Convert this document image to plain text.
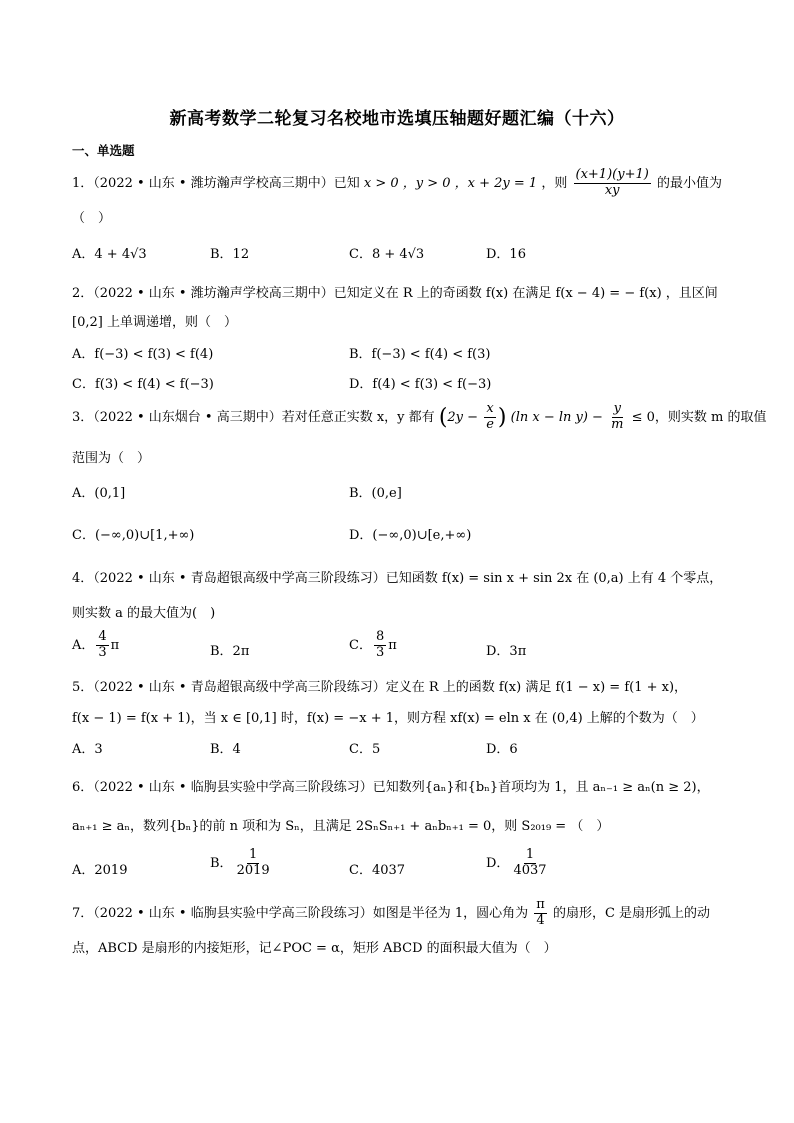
新高考数学二轮复习名校地市选填压轴题好题汇编（十六）
一、单选题
1．（2022 • 山东 • 潍坊瀚声学校高三期中）已知 x > 0 ，y > 0 ，x + 2y = 1 ，则 $\frac{(x+1)(y+1)}{xy}$ 的最小值为
（　）
A．4 + 4√3	B．12	C．8 + 4√3	D．16
2．（2022 • 山东 • 潍坊瀚声学校高三期中）已知定义在 R 上的奇函数 f(x) 在满足 f(x − 4) = − f(x) ，且区间
[0,2] 上单调递增，则（　）
A．f(−3) < f(3) < f(4)	B．f(−3) < f(4) < f(3)
C．f(3) < f(4) < f(−3)	D．f(4) < f(3) < f(−3)
3．（2022 • 山东烟台 • 高三期中）若对任意正实数 x，y 都有 ($2y - \frac{x}{e}$ ) (ln $x - \ln y) - \frac{y}{m} \le 0$，则实数 m 的取值
范围为（　）
A．(0,1]	B．(0,e]
C．(−∞,0)∪[1,+∞)	D．(−∞,0)∪[e,+∞)
4．（2022 • 山东 • 青岛超银高级中学高三阶段练习）已知函数 f(x) = sin x + sin 2x 在 (0,a) 上有 4 个零点，
则实数 a 的最大值为(　)
A． $\frac{4}{3}$ π	B．2π	C． $\frac{8}{3}$ π	D．3π
5．（2022 • 山东 • 青岛超银高级中学高三阶段练习）定义在 R 上的函数 f(x) 满足 f(1 − x) = f(1 + x)，
f(x − 1) = f(x + 1)，当 x ∈ [0,1] 时，f(x) = −x + 1，则方程 xf(x) = eln x 在 (0,4) 上解的个数为（　）
A．3	B．4	C．5	D．6
6．（2022 • 山东 • 临朐县实验中学高三阶段练习）已知数列{aₙ}和{bₙ}首项均为 1，且 aₙ₋₁ ≥ aₙ(n ≥ 2)，
aₙ₊₁ ≥ aₙ，数列{bₙ}的前 n 项和为 Sₙ，且满足 2SₙSₙ₊₁ + aₙbₙ₊₁ = 0，则 S₂₀₁₉ = （　）
A．2019	B． $\frac{1}{2019}$	C．4037	D． $\frac{1}{4037}$
7．（2022 • 山东 • 临朐县实验中学高三阶段练习）如图是半径为 1，圆心角为 $\frac{\pi}{4}$ 的扇形，C 是扇形弧上的动
点，ABCD 是扇形的内接矩形，记∠POC = α，矩形 ABCD 的面积最大值为（　）
